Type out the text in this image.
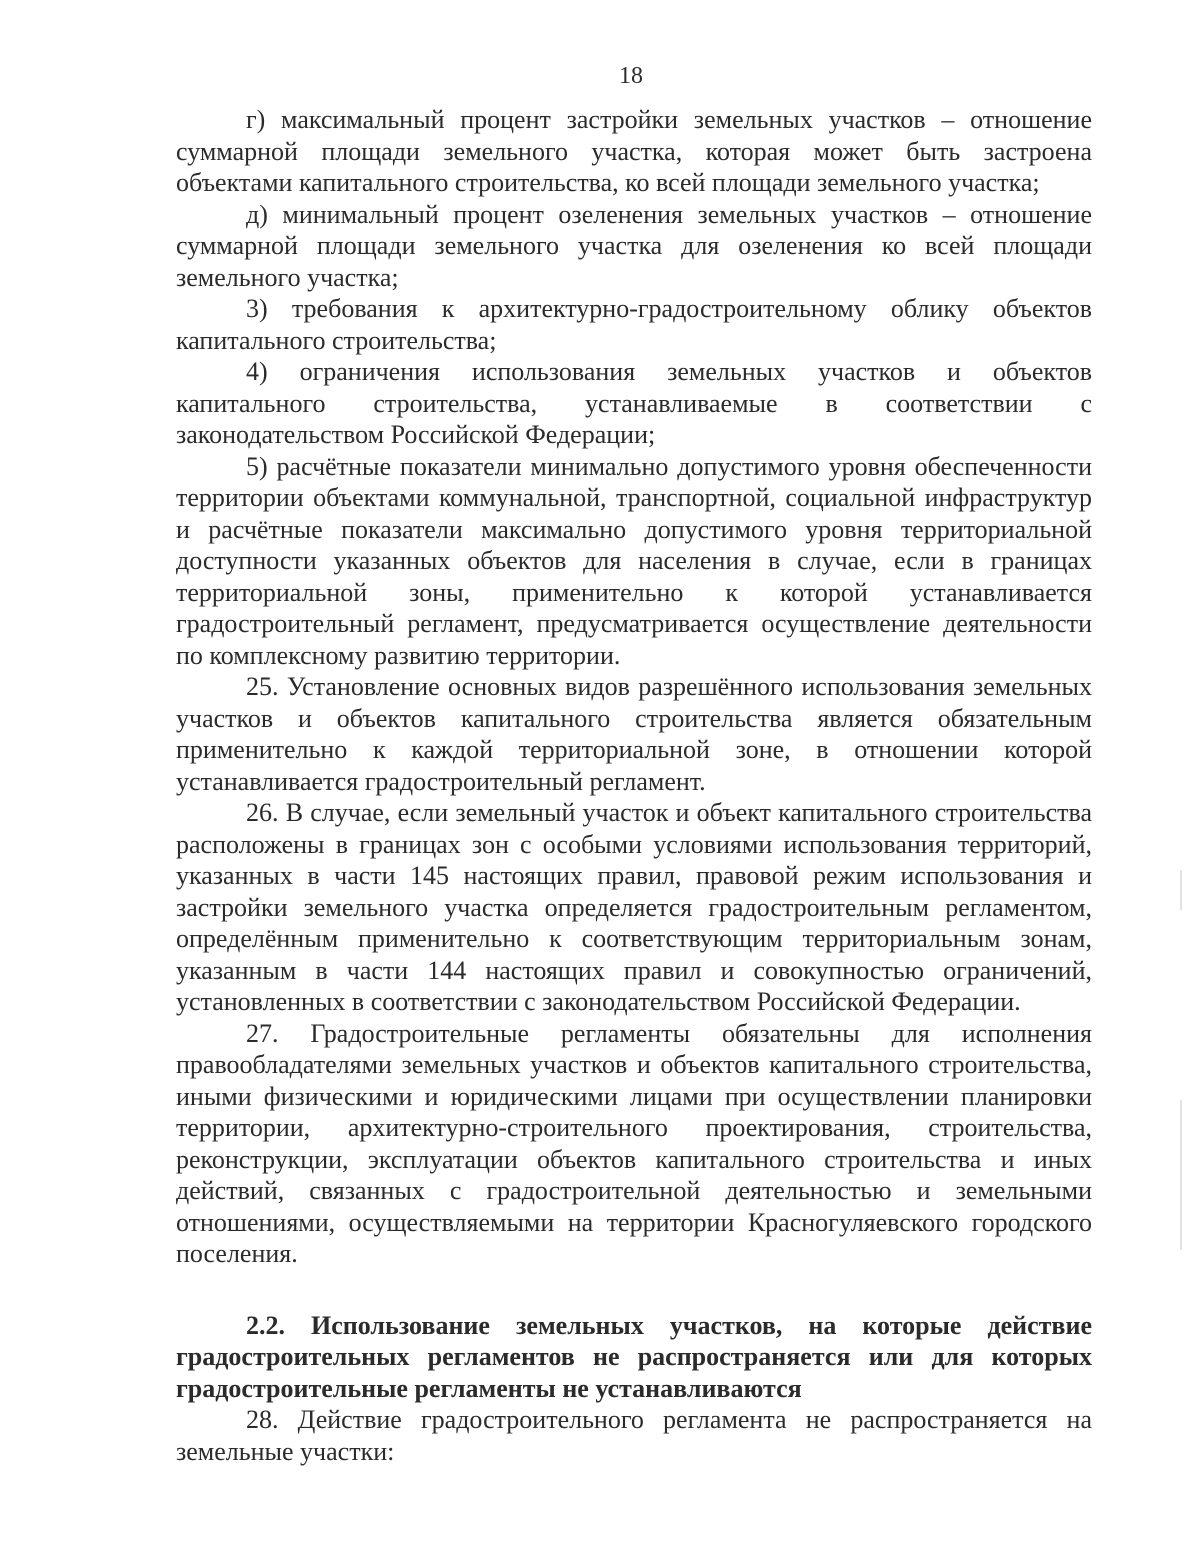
18

г) максимальный процент застройки земельных участков – отношение суммарной площади земельного участка, которая может быть застроена объектами капитального строительства, ко всей площади земельного участка;

д) минимальный процент озеленения земельных участков – отношение суммарной площади земельного участка для озеленения ко всей площади земельного участка;

3) требования к архитектурно-градостроительному облику объектов капитального строительства;

4) ограничения использования земельных участков и объектов капитального строительства, устанавливаемые в соответствии с законодательством Российской Федерации;

5) расчётные показатели минимально допустимого уровня обеспеченности территории объектами коммунальной, транспортной, социальной инфраструктур и расчётные показатели максимально допустимого уровня территориальной доступности указанных объектов для населения в случае, если в границах территориальной зоны, применительно к которой устанавливается градостроительный регламент, предусматривается осуществление деятельности по комплексному развитию территории.

25. Установление основных видов разрешённого использования земельных участков и объектов капитального строительства является обязательным применительно к каждой территориальной зоне, в отношении которой устанавливается градостроительный регламент.

26. В случае, если земельный участок и объект капитального строительства расположены в границах зон с особыми условиями использования территорий, указанных в части 145 настоящих правил, правовой режим использования и застройки земельного участка определяется градостроительным регламентом, определённым применительно к соответствующим территориальным зонам, указанным в части 144 настоящих правил и совокупностью ограничений, установленных в соответствии с законодательством Российской Федерации.

27. Градостроительные регламенты обязательны для исполнения правообладателями земельных участков и объектов капитального строительства, иными физическими и юридическими лицами при осуществлении планировки территории, архитектурно-строительного проектирования, строительства, реконструкции, эксплуатации объектов капитального строительства и иных действий, связанных с градостроительной деятельностью и земельными отношениями, осуществляемыми на территории Красногуляевского городского поселения.

2.2. Использование земельных участков, на которые действие градостроительных регламентов не распространяется или для которых градостроительные регламенты не устанавливаются

28. Действие градостроительного регламента не распространяется на земельные участки:
